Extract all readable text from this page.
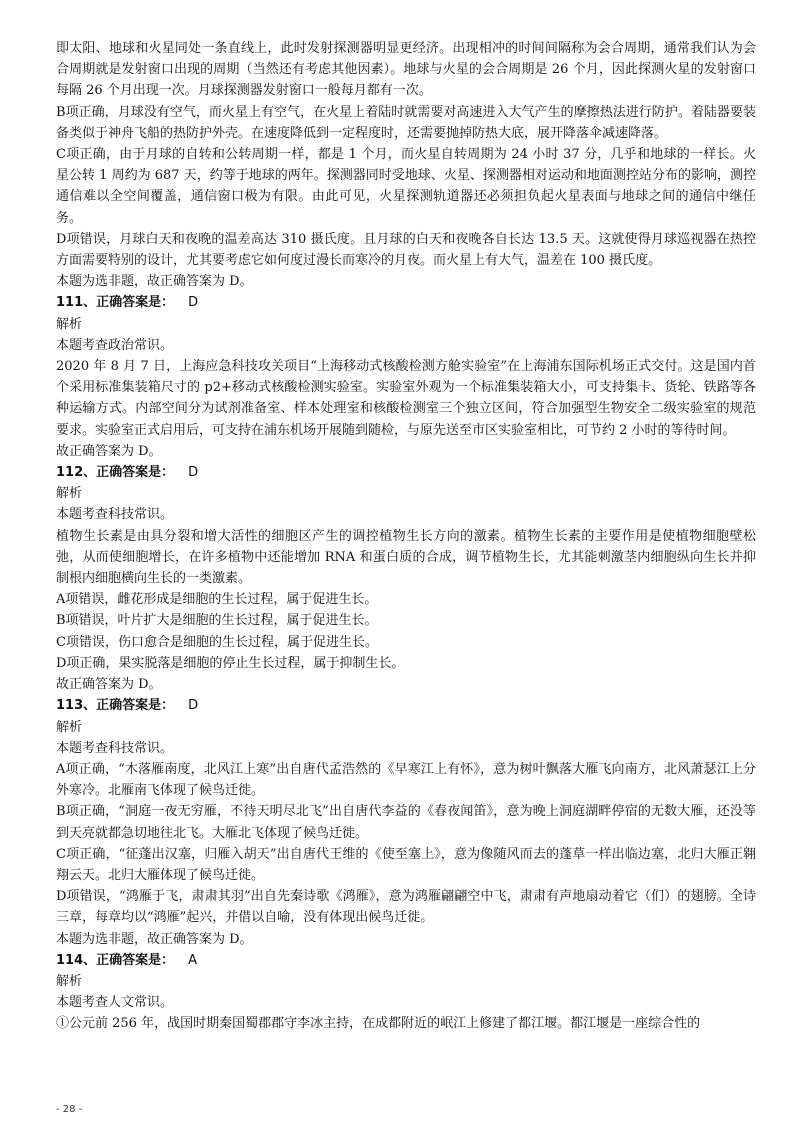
即太阳、地球和火星同处一条直线上，此时发射探测器明显更经济。出现相冲的时间间隔称为会合周期，通常我们认为会合周期就是发射窗口出现的周期（当然还有考虑其他因素）。地球与火星的会合周期是 26 个月，因此探测火星的发射窗口每隔 26 个月出现一次。月球探测器发射窗口一般每月都有一次。

B项正确，月球没有空气，而火星上有空气，在火星上着陆时就需要对高速进入大气产生的摩擦热法进行防护。着陆器要装备类似于神舟飞船的热防护外壳。在速度降低到一定程度时，还需要抛掉防热大底，展开降落伞减速降落。

C项正确，由于月球的自转和公转周期一样，都是 1 个月，而火星自转周期为 24 小时 37 分，几乎和地球的一样长。火星公转 1 周约为 687 天，约等于地球的两年。探测器同时受地球、火星、探测器相对运动和地面测控站分布的影响，测控通信难以全空间覆盖，通信窗口极为有限。由此可见，火星探测轨道器还必须担负起火星表面与地球之间的通信中继任务。

D项错误，月球白天和夜晚的温差高达 310 摄氏度。且月球的白天和夜晚各自长达 13.5 天。这就使得月球巡视器在热控方面需要特别的设计，尤其要考虑它如何度过漫长而寒冷的月夜。而火星上有大气，温差在 100 摄氏度。

本题为选非题，故正确答案为 D。

111、正确答案是： D

解析

本题考查政治常识。

2020 年 8 月 7 日，上海应急科技攻关项目“上海移动式核酸检测方舱实验室”在上海浦东国际机场正式交付。这是国内首个采用标准集装箱尺寸的 p2+移动式核酸检测实验室。实验室外观为一个标准集装箱大小，可支持集卡、货轮、铁路等各种运输方式。内部空间分为试剂准备室、样本处理室和核酸检测室三个独立区间，符合加强型生物安全二级实验室的规范要求。实验室正式启用后，可支持在浦东机场开展随到随检，与原先送至市区实验室相比，可节约 2 小时的等待时间。

故正确答案为 D。

112、正确答案是： D

解析

本题考查科技常识。

植物生长素是由具分裂和增大活性的细胞区产生的调控植物生长方向的激素。植物生长素的主要作用是使植物细胞壁松弛，从而使细胞增长，在许多植物中还能增加 RNA 和蛋白质的合成，调节植物生长，尤其能刺激茎内细胞纵向生长并抑制根内细胞横向生长的一类激素。

A项错误，雌花形成是细胞的生长过程，属于促进生长。

B项错误，叶片扩大是细胞的生长过程，属于促进生长。

C项错误，伤口愈合是细胞的生长过程，属于促进生长。

D项正确，果实脱落是细胞的停止生长过程，属于抑制生长。

故正确答案为 D。

113、正确答案是： D

解析

本题考查科技常识。

A项正确，“木落雁南度，北风江上寒”出自唐代孟浩然的《早寒江上有怀》，意为树叶飘落大雁飞向南方，北风萧瑟江上分外寒冷。北雁南飞体现了候鸟迁徙。

B项正确，“洞庭一夜无穷雁，不待天明尽北飞”出自唐代李益的《春夜闻笛》，意为晚上洞庭湖畔停宿的无数大雁，还没等到天亮就都急切地往北飞。大雁北飞体现了候鸟迁徙。

C项正确，“征蓬出汉塞，归雁入胡天”出自唐代王维的《使至塞上》，意为像随风而去的蓬草一样出临边塞，北归大雁正翱翔云天。北归大雁体现了候鸟迁徙。

D项错误，“鸿雁于飞，肃肃其羽”出自先秦诗歌《鸿雁》，意为鸿雁翩翩空中飞，肃肃有声地扇动着它（们）的翅膀。全诗三章，每章均以“鸿雁”起兴，并借以自喻，没有体现出候鸟迁徙。

本题为选非题，故正确答案为 D。

114、正确答案是： A

解析

本题考查人文常识。

①公元前 256 年，战国时期秦国蜀郡郡守李冰主持，在成都附近的岷江上修建了都江堰。都江堰是一座综合性的

- 28 -
